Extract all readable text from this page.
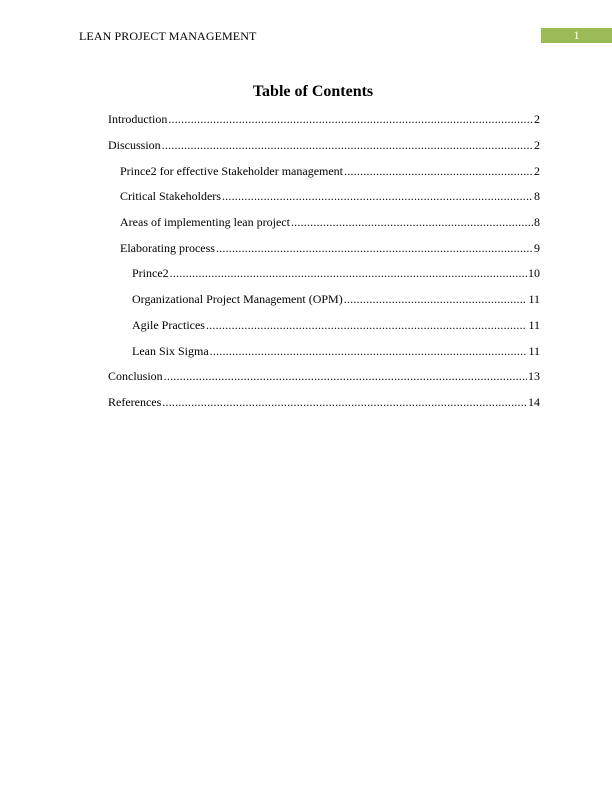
LEAN PROJECT MANAGEMENT	1
Table of Contents
Introduction .....	2
Discussion .....	2
Prince2 for effective Stakeholder management .....	2
Critical Stakeholders .....	8
Areas of implementing lean project .....	8
Elaborating process .....	9
Prince2 .....	10
Organizational Project Management (OPM) .....	11
Agile Practices .....	11
Lean Six Sigma .....	11
Conclusion .....	13
References .....	14
